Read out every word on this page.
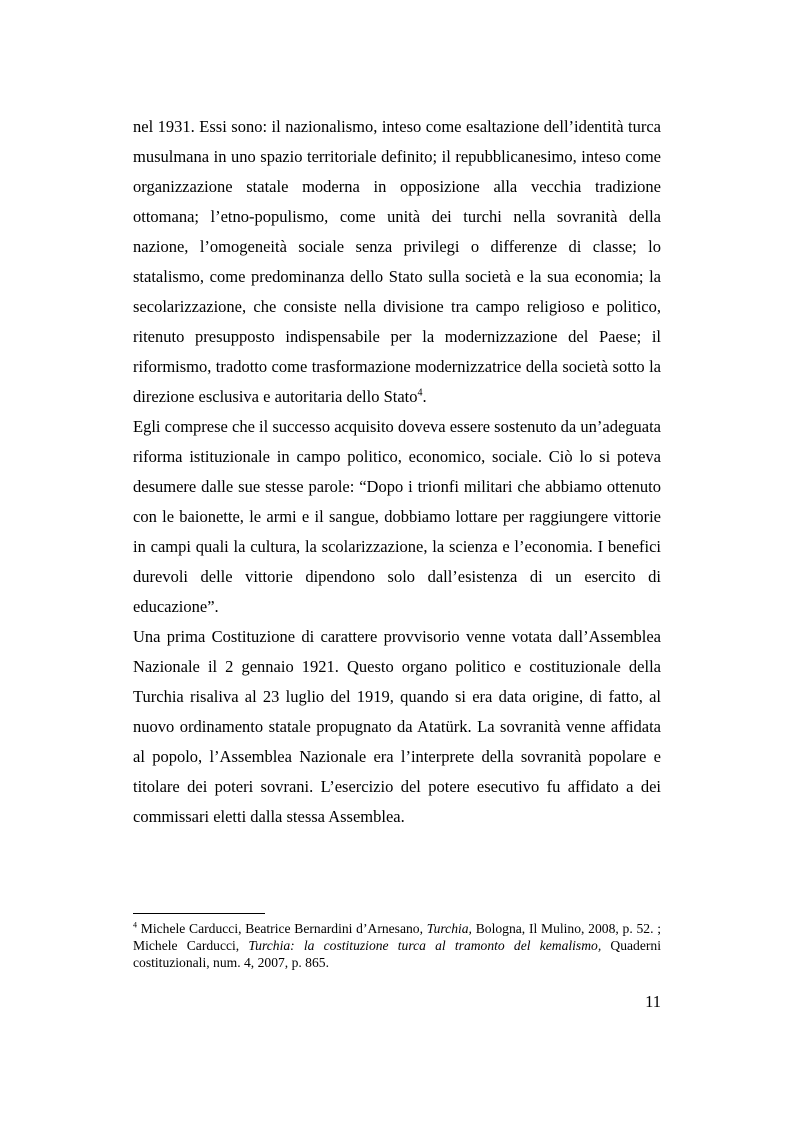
nel 1931. Essi sono: il nazionalismo, inteso come esaltazione dell’identità turca musulmana in uno spazio territoriale definito; il repubblicanesimo, inteso come organizzazione statale moderna in opposizione alla vecchia tradizione ottomana; l’etno-populismo, come unità dei turchi nella sovranità della nazione, l’omogeneità sociale senza privilegi o differenze di classe; lo statalismo, come predominanza dello Stato sulla società e la sua economia; la secolarizzazione, che consiste nella divisione tra campo religioso e politico, ritenuto presupposto indispensabile per la modernizzazione del Paese; il riformismo, tradotto come trasformazione modernizzatrice della società sotto la direzione esclusiva e autoritaria dello Stato$^4$.

Egli comprese che il successo acquisito doveva essere sostenuto da un’adeguata riforma istituzionale in campo politico, economico, sociale. Ciò lo si poteva desumere dalle sue stesse parole: “Dopo i trionfi militari che abbiamo ottenuto con le baionette, le armi e il sangue, dobbiamo lottare per raggiungere vittorie in campi quali la cultura, la scolarizzazione, la scienza e l’economia. I benefici durevoli delle vittorie dipendono solo dall’esistenza di un esercito di educazione”.

Una prima Costituzione di carattere provvisorio venne votata dall’Assemblea Nazionale il 2 gennaio 1921. Questo organo politico e costituzionale della Turchia risaliva al 23 luglio del 1919, quando si era data origine, di fatto, al nuovo ordinamento statale propugnato da Atatürk. La sovranità venne affidata al popolo, l’Assemblea Nazionale era l’interprete della sovranità popolare e titolare dei poteri sovrani. L’esercizio del potere esecutivo fu affidato a dei commissari eletti dalla stessa Assemblea.

$^4$ Michele Carducci, Beatrice Bernardini d’Arnesano, Turchia, Bologna, Il Mulino, 2008, p. 52. ; Michele Carducci, Turchia: la costituzione turca al tramonto del kemalismo, Quaderni costituzionali, num. 4, 2007, p. 865.
11
